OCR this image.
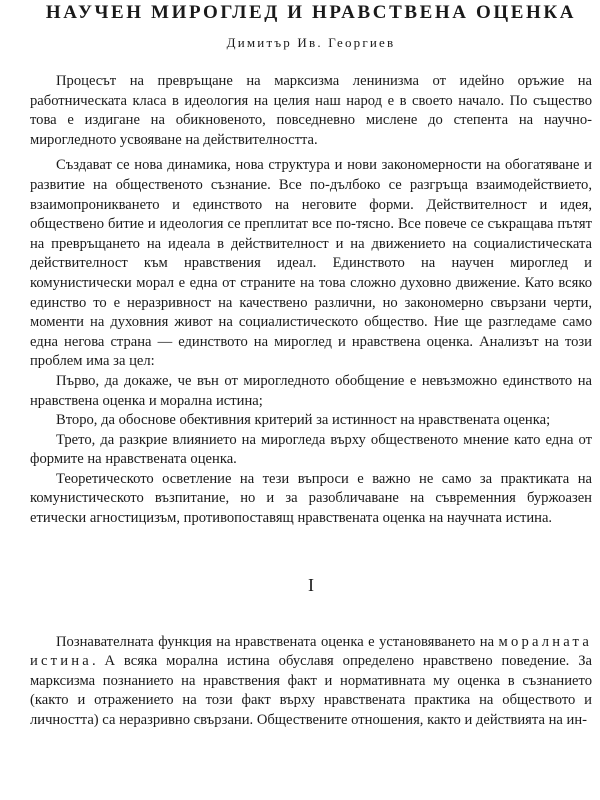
НАУЧЕН МИРОГЛЕД И НРАВСТВЕНА ОЦЕНКА
Димитър Ив. Георгиев

Процесът на превръщане на марксизма ленинизма от идейно оръжие на работническата класа в идеология на целия наш народ е в своето начало. По същество това е издигане на обикновеното, повседневно мислене до степента на научно-мирогледното усвояване на действителността.

Създават се нова динамика, нова структура и нови закономерности на обогатяване и развитие на общественото съзнание. Все по-дълбоко се разгръща взаимодействието, взаимопроникването и единството на неговите форми. Действителност и идея, обществено битие и идеология се преплитат все по-тясно. Все повече се съкращава пътят на превръщането на идеала в действителност и на движението на социалистическата действителност към нравствения идеал. Единството на научен мироглед и комунистически морал е една от страните на това сложно духовно движение. Като всяко единство то е неразривност на качествено различни, но закономерно свързани черти, моменти на духовния живот на социалистическото общество. Ние ще разгледаме само една негова страна — единството на мироглед и нравствена оценка. Анализът на този проблем има за цел:

Първо, да докаже, че вън от мирогледното обобщение е невъзможно единството на нравствена оценка и морална истина;

Второ, да обоснове обективния критерий за истинност на нравствената оценка;

Трето, да разкрие влиянието на мирогледа върху общественото мнение като една от формите на нравствената оценка.

Теоретическото осветление на тези въпроси е важно не само за практиката на комунистическото възпитание, но и за разобличаване на съвременния буржоазен етически агностицизъм, противопоставящ нравствената оценка на научната истина.

I

Познавателната функция на нравствената оценка е установяването на моралната истина. А всяка морална истина обуславя определено нравствено поведение. За марксизма познанието на нравствения факт и нормативната му оценка в съзнанието (както и отражението на този факт върху нравствената практика на обществото и личността) са неразривно свързани. Обществените отношения, както и действията на ин-
